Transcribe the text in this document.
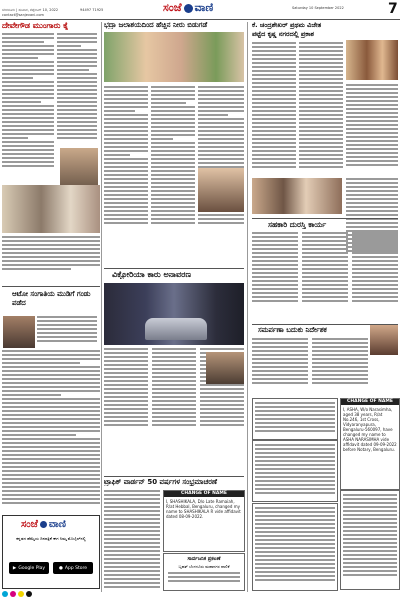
ಬೆಂಗಳೂರು | ಶನಿವಾರ, ಸೆಪ್ಟೆಂಬರ್ 10, 2022	94497 71925
contact@sanjevani.com
ಸಂಜೆ ವಾಣಿ	Saturday 10 September 2022	7
ದೇವೇಗೌಡ ಮುಂಗಾರು ಕೈ
ಆಟೋ ಸಂಗಾತಿಯ ಮುಡಿಗೆ ಗಂಡು ಪಡೆದ
ಸಂಜೆ ವಾಣಿ
ಕನ್ನಡದ ಹೆಮ್ಮೆಯ ದಿನಪತ್ರಿಕೆ ಈಗ ನಿಮ್ಮ ಮೊಬೈಲ್‌ನಲ್ಲಿ
▶ Google Play	● App Store
ಭದ್ರಾ ಜಲಾಶಯದಿಂದ ಹೆಚ್ಚಿನ ನೀರು ಬಿಡುಗಡೆ
ವಿಕ್ಟೋರಿಯಾ ಕಾರು ಅನಾವರಣ
ಟ್ರಾಫಿಕ್ ವಾರ್ಡನ್ 50 ವರ್ಷಗಳ ಸಂಭ್ರಮಾಚರಣೆ
CHANGE OF NAME
I, SHASHIKALA, D/o Late Ramaiah, R/at Hebbal, Bengaluru, changed my name to SHASHIKALA R vide affidavit dated 08-09-2022.
ಸಾರ್ವಜನಿಕ ಪ್ರಕಟಣೆ
ಬೃಹತ್ ಬೆಂಗಳೂರು ಮಹಾನಗರ ಪಾಲಿಕೆ
ಕೆ. ಚಂದ್ರಶೇಖರ್ ಪ್ರಥಮ ವಿಜೇತ
ಪಟ್ಟೆದ ಕೃಷ್ಣ ನಗರದಲ್ಲಿ ಪ್ರಕಾಶ
ಸಹಕಾರಿ ದುರಸ್ತಿ ಕಾರ್ಯ
ಸಮರ್ಪಣಾ ಬದುಕು ನಿರ್ದೇಶಕ
CHANGE OF NAME
I, ASHA, W/o Narasimha, aged 38 years, R/at No.246, 1st Cross, Vidyaranyapura, Bengaluru-560097, have changed my name to ASHA NARASIMHA vide affidavit dated 09-09-2022 before Notary, Bengaluru.
